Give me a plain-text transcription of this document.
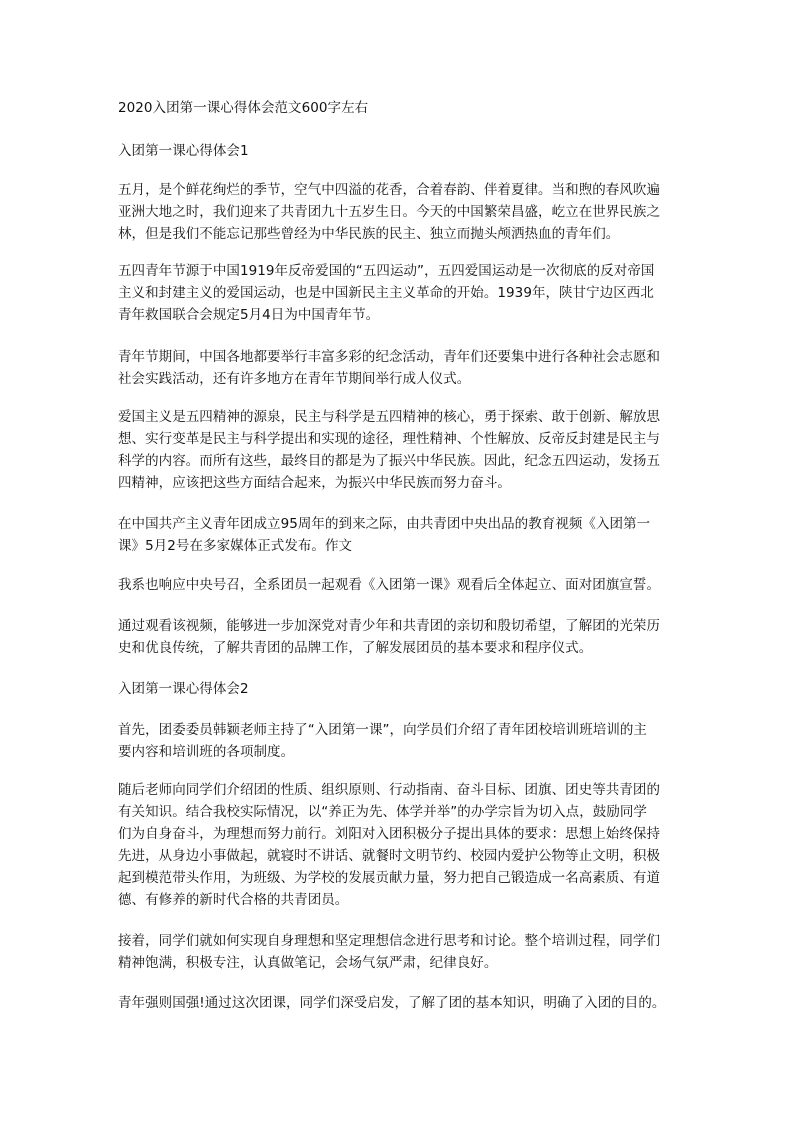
2020入团第一课心得体会范文600字左右
入团第一课心得体会1
五月，是个鲜花绚烂的季节，空气中四溢的花香，合着春韵、伴着夏律。当和煦的春风吹遍
亚洲大地之时，我们迎来了共青团九十五岁生日。今天的中国繁荣昌盛，屹立在世界民族之
林，但是我们不能忘记那些曾经为中华民族的民主、独立而抛头颅洒热血的青年们。
五四青年节源于中国1919年反帝爱国的“五四运动”，五四爱国运动是一次彻底的反对帝国
主义和封建主义的爱国运动，也是中国新民主主义革命的开始。1939年，陕甘宁边区西北
青年救国联合会规定5月4日为中国青年节。
青年节期间，中国各地都要举行丰富多彩的纪念活动，青年们还要集中进行各种社会志愿和
社会实践活动，还有许多地方在青年节期间举行成人仪式。
爱国主义是五四精神的源泉，民主与科学是五四精神的核心，勇于探索、敢于创新、解放思
想、实行变革是民主与科学提出和实现的途径，理性精神、个性解放、反帝反封建是民主与
科学的内容。而所有这些，最终目的都是为了振兴中华民族。因此，纪念五四运动，发扬五
四精神，应该把这些方面结合起来，为振兴中华民族而努力奋斗。
在中国共产主义青年团成立95周年的到来之际，由共青团中央出品的教育视频《入团第一
课》5月2号在多家媒体正式发布。作文
我系也响应中央号召，全系团员一起观看《入团第一课》观看后全体起立、面对团旗宣誓。
通过观看该视频，能够进一步加深党对青少年和共青团的亲切和殷切希望，了解团的光荣历
史和优良传统，了解共青团的品牌工作，了解发展团员的基本要求和程序仪式。
入团第一课心得体会2
首先，团委委员韩颖老师主持了“入团第一课”，向学员们介绍了青年团校培训班培训的主
要内容和培训班的各项制度。
随后老师向同学们介绍团的性质、组织原则、行动指南、奋斗目标、团旗、团史等共青团的
有关知识。结合我校实际情况，以“养正为先、体学并举”的办学宗旨为切入点，鼓励同学
们为自身奋斗，为理想而努力前行。刘阳对入团积极分子提出具体的要求：思想上始终保持
先进，从身边小事做起，就寝时不讲话、就餐时文明节约、校园内爱护公物等止文明，积极
起到模范带头作用，为班级、为学校的发展贡献力量，努力把自己锻造成一名高素质、有道
德、有修养的新时代合格的共青团员。
接着，同学们就如何实现自身理想和坚定理想信念进行思考和讨论。整个培训过程，同学们
精神饱满，积极专注，认真做笔记，会场气氛严肃，纪律良好。
青年强则国强!通过这次团课，同学们深受启发，了解了团的基本知识，明确了入团的目的。
